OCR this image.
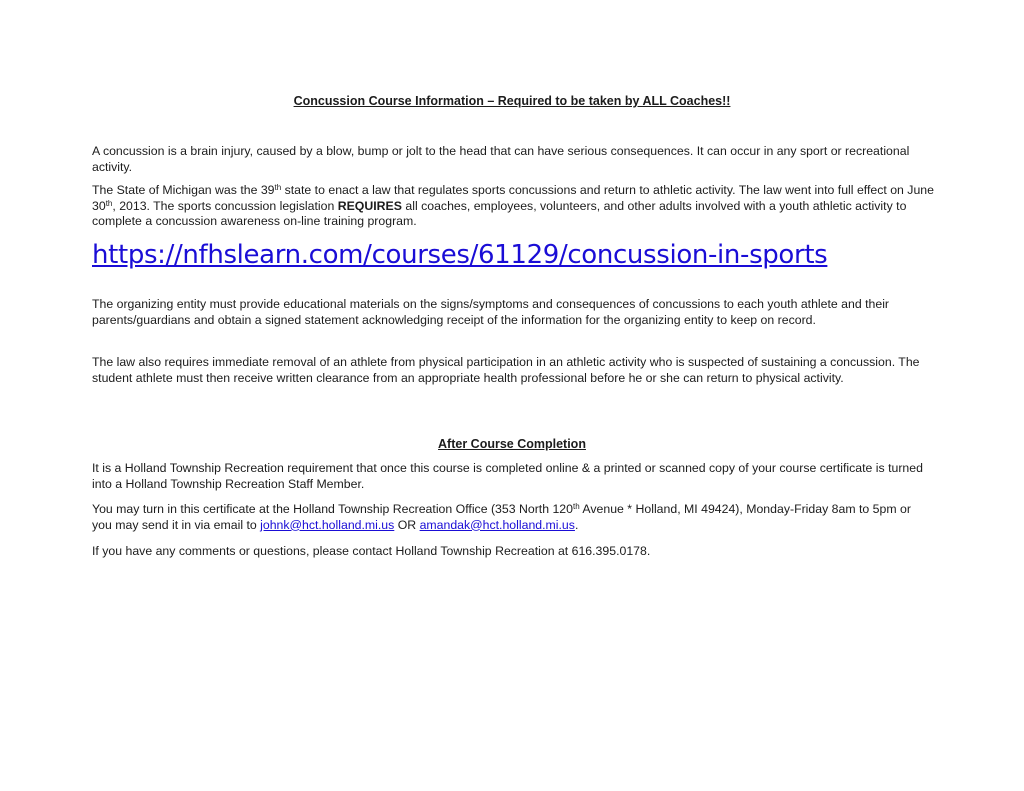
Concussion Course Information – Required to be taken by ALL Coaches!!

A concussion is a brain injury, caused by a blow, bump or jolt to the head that can have serious consequences. It can occur in any sport or recreational activity.

The State of Michigan was the 39th state to enact a law that regulates sports concussions and return to athletic activity. The law went into full effect on June 30th, 2013. The sports concussion legislation REQUIRES all coaches, employees, volunteers, and other adults involved with a youth athletic activity to complete a concussion awareness on-line training program.

https://nfhslearn.com/courses/61129/concussion-in-sports

The organizing entity must provide educational materials on the signs/symptoms and consequences of concussions to each youth athlete and their parents/guardians and obtain a signed statement acknowledging receipt of the information for the organizing entity to keep on record.

The law also requires immediate removal of an athlete from physical participation in an athletic activity who is suspected of sustaining a concussion. The student athlete must then receive written clearance from an appropriate health professional before he or she can return to physical activity.

After Course Completion

It is a Holland Township Recreation requirement that once this course is completed online & a printed or scanned copy of your course certificate is turned into a Holland Township Recreation Staff Member.

You may turn in this certificate at the Holland Township Recreation Office (353 North 120th Avenue * Holland, MI 49424), Monday-Friday 8am to 5pm or you may send it in via email to johnk@hct.holland.mi.us OR amandak@hct.holland.mi.us.

If you have any comments or questions, please contact Holland Township Recreation at 616.395.0178.
